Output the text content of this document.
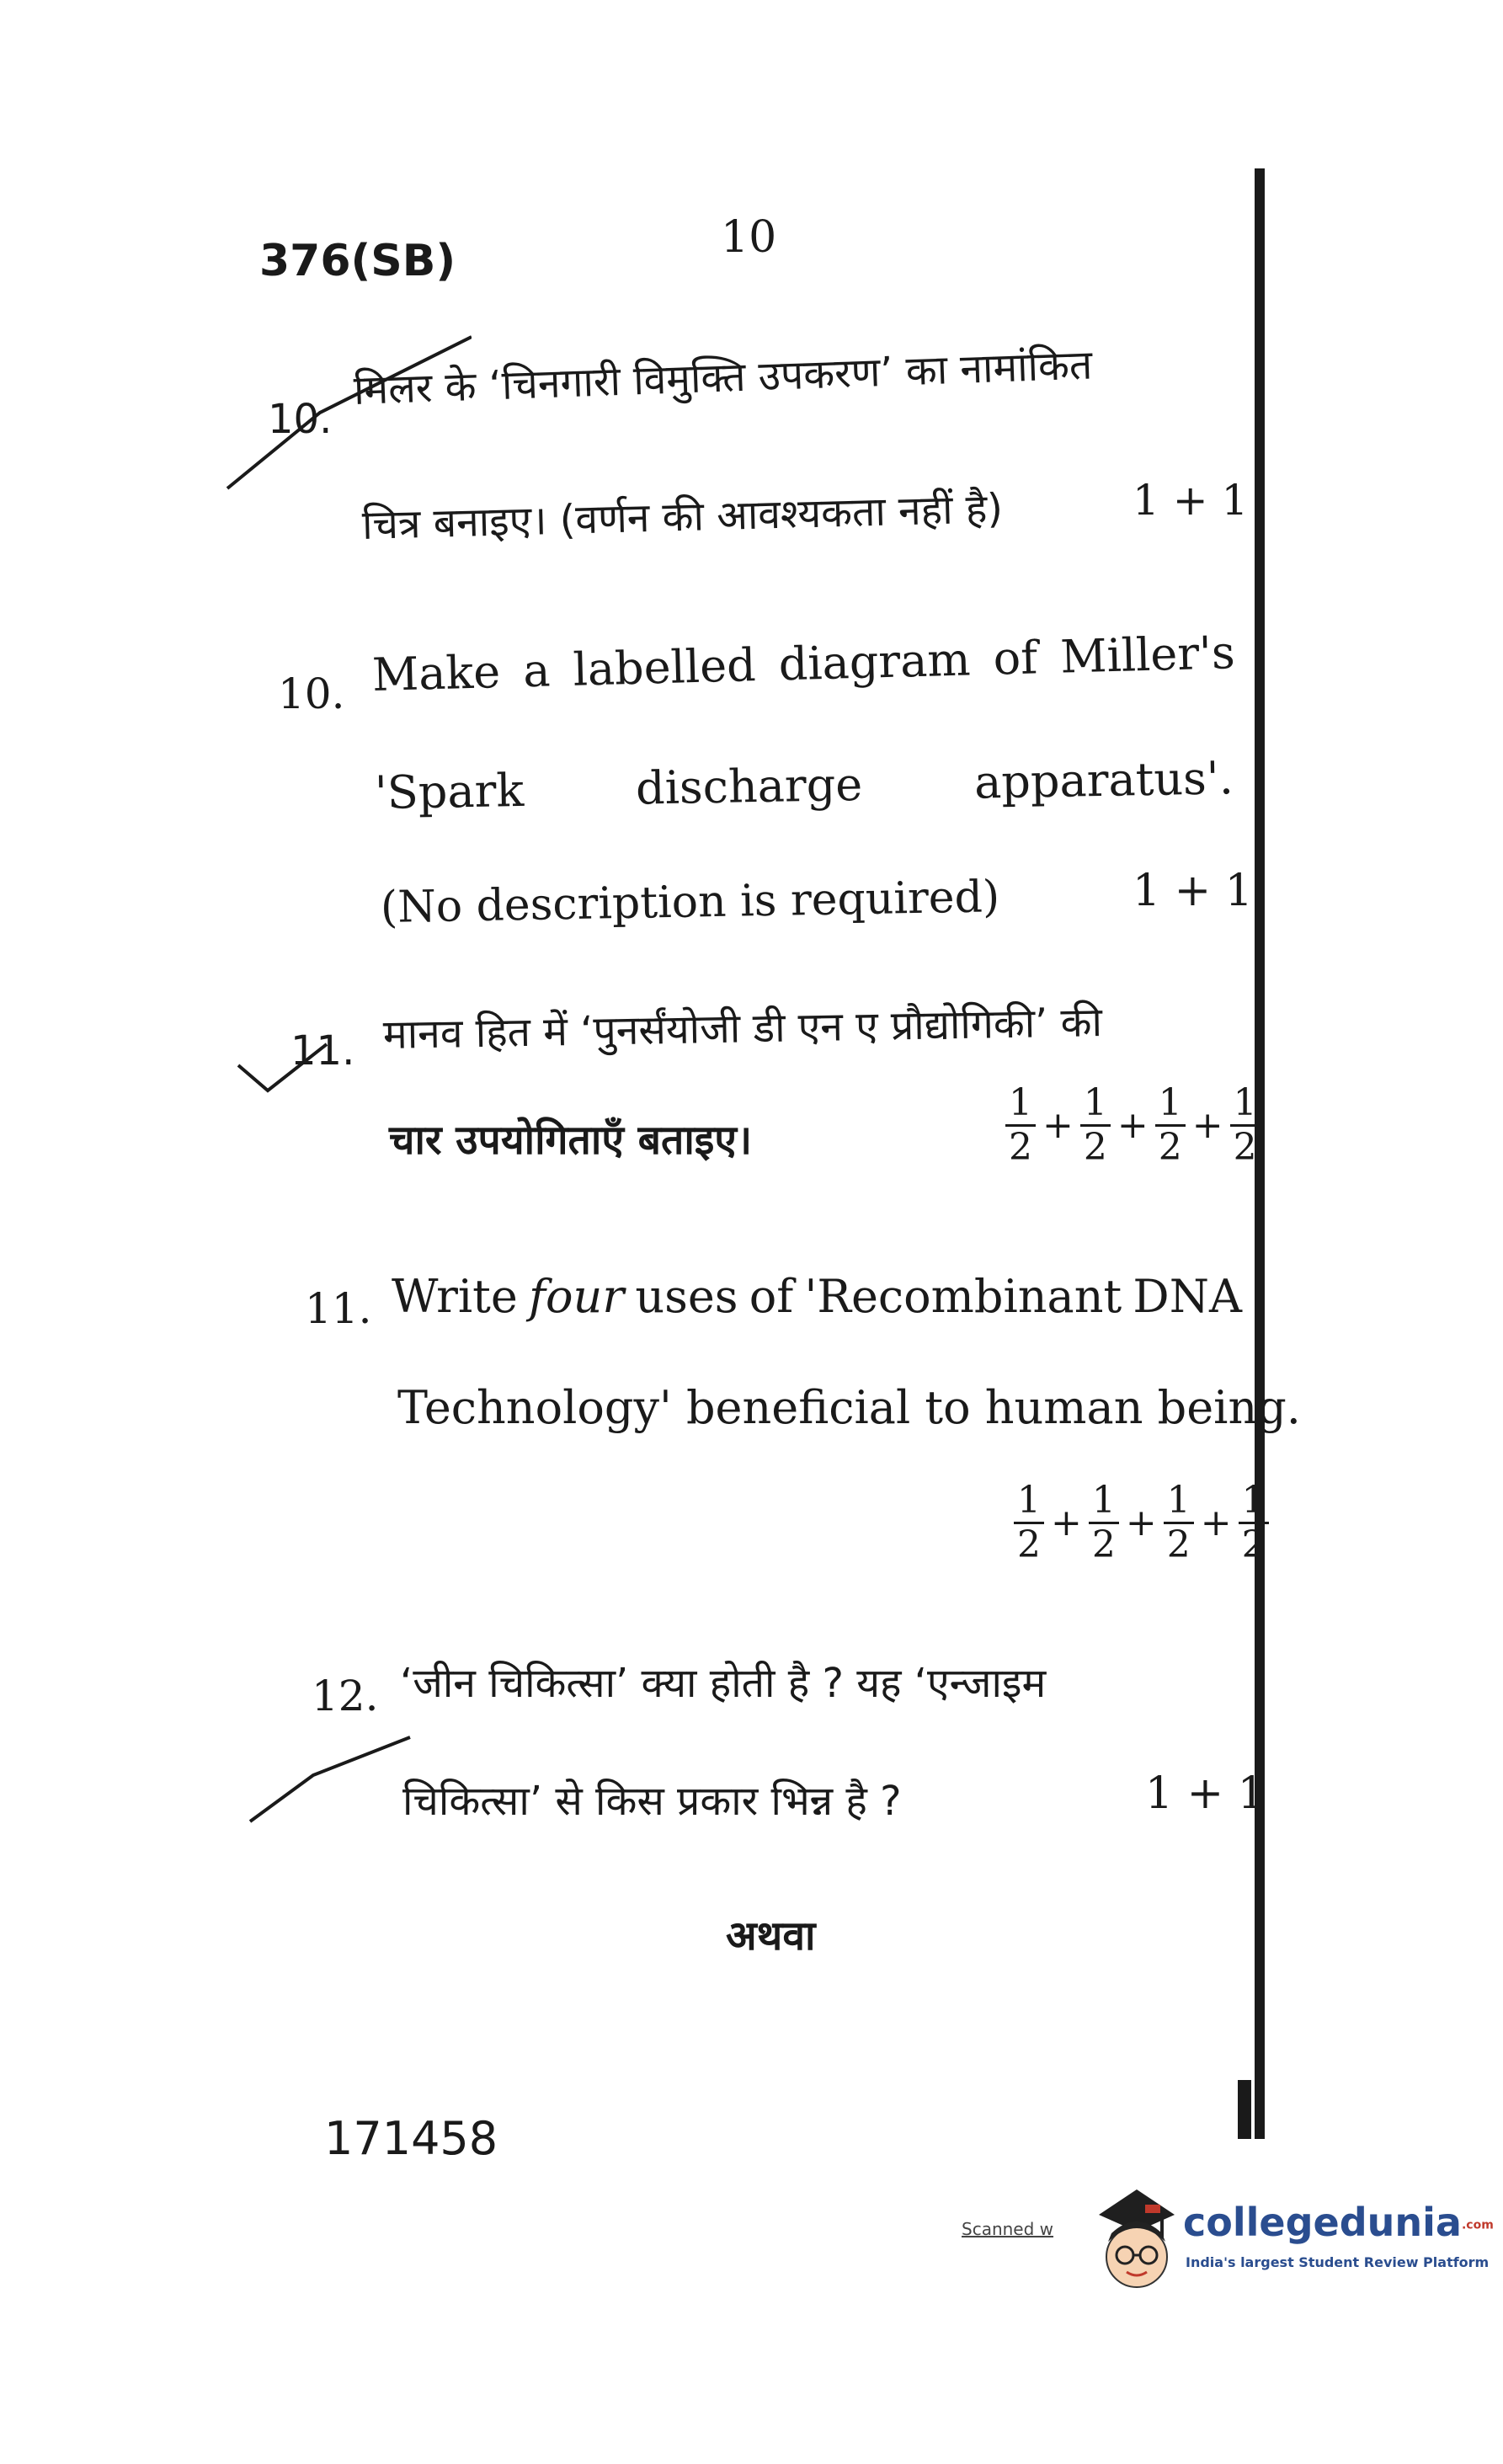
376(SB)	10
10.
मिलर के ‘चिनगारी विमुक्ति उपकरण’ का नामांकित
चित्र बनाइए। (वर्णन की आवश्यकता नहीं है)	1 + 1
10. Make a labelled diagram of Miller's
'Spark discharge apparatus'.
(No description is required)	1 + 1
11. मानव हित में ‘पुनर्संयोजी डी एन ए प्रौद्योगिकी’ की
चार उपयोगिताएँ बताइए।
1
2
+ $\frac{1}{2} + \frac{1}{2} + \frac{1}{2}$
11. Write four uses of 'Recombinant DNA
Technology' beneficial to human being.
1
2
+ $\frac{1}{2} + \frac{1}{2} + \frac{1}{2}$
12. ‘जीन चिकित्सा’ क्या होती है ? यह ‘एन्जाइम
चिकित्सा’ से किस प्रकार भिन्न है ?	1 + 1
अथवा
171458
Scanned w	collegedunia.com
India's largest Student Review Platform
